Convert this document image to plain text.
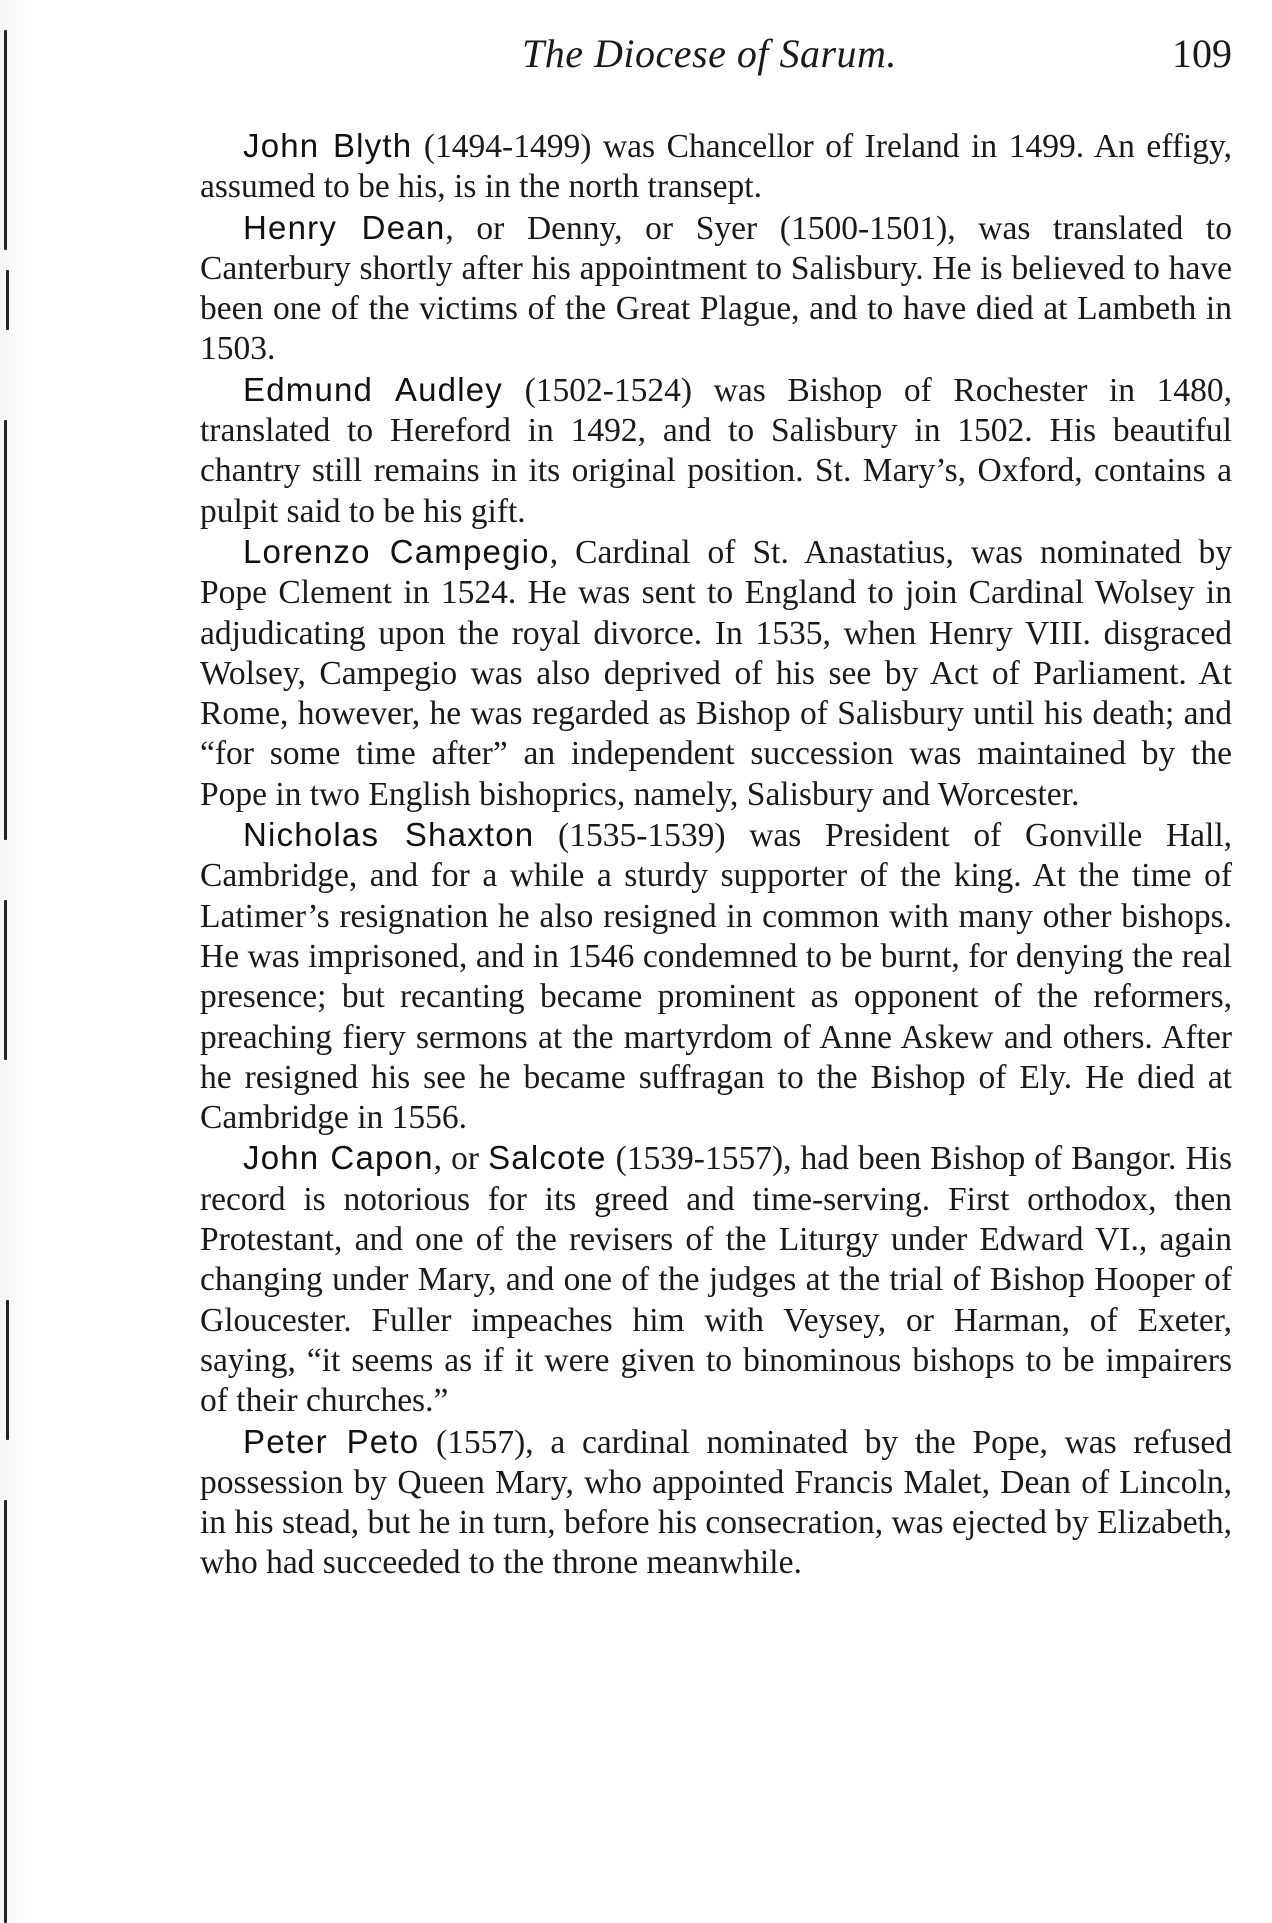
The Diocese of Sarum.	109

John Blyth (1494-1499) was Chancellor of Ireland in 1499. An effigy, assumed to be his, is in the north transept.

Henry Dean, or Denny, or Syer (1500-1501), was translated to Canterbury shortly after his appointment to Salisbury. He is believed to have been one of the victims of the Great Plague, and to have died at Lambeth in 1503.

Edmund Audley (1502-1524) was Bishop of Rochester in 1480, translated to Hereford in 1492, and to Salisbury in 1502. His beautiful chantry still remains in its original position. St. Mary’s, Oxford, contains a pulpit said to be his gift.

Lorenzo Campegio, Cardinal of St. Anastatius, was nominated by Pope Clement in 1524. He was sent to England to join Cardinal Wolsey in adjudicating upon the royal divorce. In 1535, when Henry VIII. disgraced Wolsey, Campegio was also deprived of his see by Act of Parliament. At Rome, however, he was regarded as Bishop of Salisbury until his death; and “for some time after” an independent succession was maintained by the Pope in two English bishoprics, namely, Salisbury and Worcester.

Nicholas Shaxton (1535-1539) was President of Gonville Hall, Cambridge, and for a while a sturdy supporter of the king. At the time of Latimer’s resignation he also resigned in common with many other bishops. He was imprisoned, and in 1546 condemned to be burnt, for denying the real presence; but recanting became prominent as opponent of the reformers, preaching fiery sermons at the martyrdom of Anne Askew and others. After he resigned his see he became suffragan to the Bishop of Ely. He died at Cambridge in 1556.

John Capon, or Salcote (1539-1557), had been Bishop of Bangor. His record is notorious for its greed and time-serving. First orthodox, then Protestant, and one of the revisers of the Liturgy under Edward VI., again changing under Mary, and one of the judges at the trial of Bishop Hooper of Gloucester. Fuller impeaches him with Veysey, or Harman, of Exeter, saying, “it seems as if it were given to binominous bishops to be impairers of their churches.”

Peter Peto (1557), a cardinal nominated by the Pope, was refused possession by Queen Mary, who appointed Francis Malet, Dean of Lincoln, in his stead, but he in turn, before his consecration, was ejected by Elizabeth, who had succeeded to the throne meanwhile.
